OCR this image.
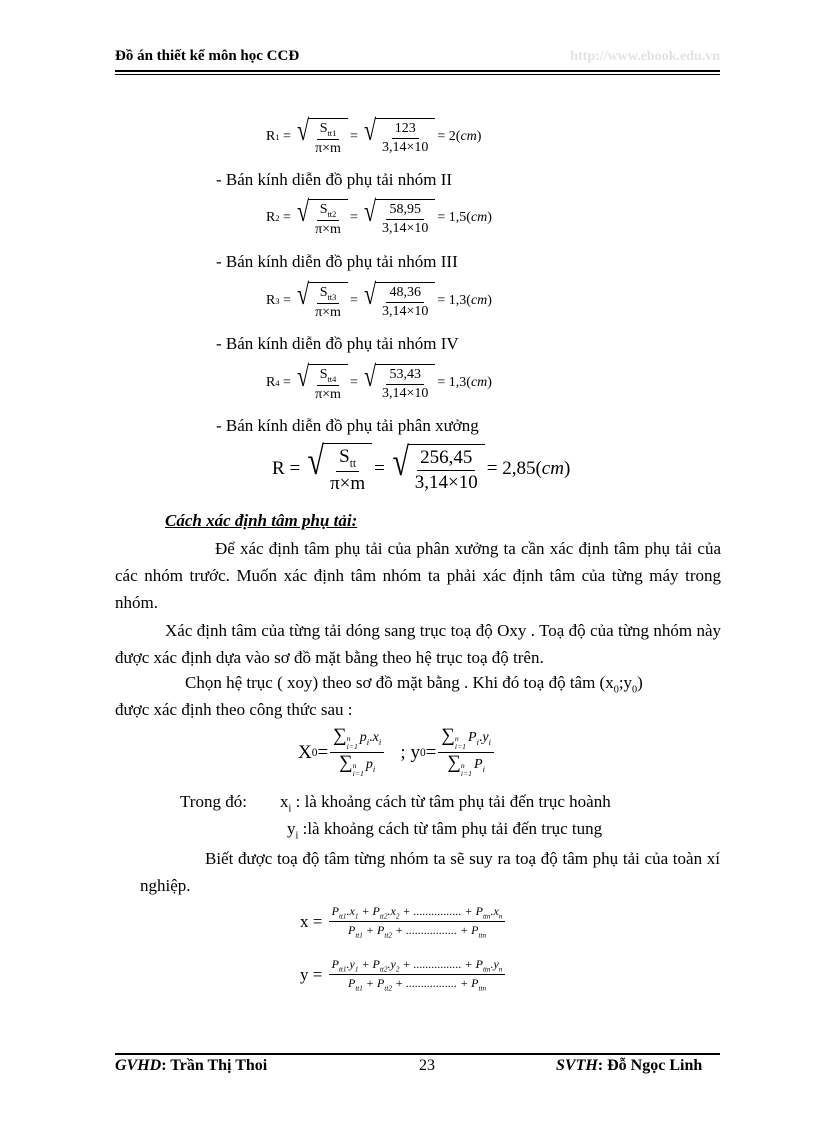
Đồ án thiết kế môn học CCĐ	http://www.ebook.edu.vn
R 1 = √ $\frac{S_{tt1}}{\pi\times m}$ = √ $\frac{123}{3,14\times 10} = 2$( cm )
- Bán kính diễn đồ phụ tải nhóm II
R 2 = √ $\frac{S_{tt2}}{\pi\times m}$ = √ $\frac{58,95}{3,14\times 10} = 1,5$( cm )
- Bán kính diễn đồ phụ tải nhóm III
R 3 = √ $\frac{S_{tt3}}{\pi\times m}$ = √ $\frac{48,36}{3,14\times 10} = 1,3$( cm )
- Bán kính diễn đồ phụ tải nhóm IV
R 4 = √ $\frac{S_{tt4}}{\pi\times m}$ = √ $\frac{53,43}{3,14\times 10} = 1,3$( cm )
- Bán kính diễn đồ phụ tải phân xưởng
R = √ $\frac{S_{tt}}{\pi\times m}$ = √ $\frac{256,45}{3,14\times 10} = 2,85$( cm )
Cách xác định tâm phụ tải:
Để xác định tâm phụ tải của phân xưởng ta cần xác định tâm phụ tải của các nhóm trước. Muốn xác định tâm nhóm ta phải xác định tâm của từng máy trong nhóm.
Xác định tâm của từng tải dóng sang trục toạ độ Oxy . Toạ độ của từng nhóm này được xác định dựa vào sơ đồ mặt bằng theo hệ trục toạ độ trên.
Chọn hệ trục ( xoy) theo sơ đồ mặt bằng . Khi đó toạ độ tâm $(x_0;y_0)$
được xác định theo công thức sau :
X 0 = ∑ n
i=1
$p_i.x_i$
∑ n
i=1
$p_i$
; y 0 = ∑ n
i=1
$P_i.y_i$
∑ n
i=1
$P_i$
Trong đó: $x_i$ : là khoảng cách từ tâm phụ tải đến trục hoành
$y_i$ :là khoảng cách từ tâm phụ tải đến trục tung
Biết được toạ độ tâm từng nhóm ta sẽ suy ra toạ độ tâm phụ tải của toàn xí nghiệp.
x =
$\frac{P_{tt1}.x_1 + P_{tt2}.x_2 + ................ + P_{ttn}.x_n}{P_{tt1} + P_{tt2} + ................. + P_{ttn}}$
y =
$\frac{P_{tt1}.y_1 + P_{tt2}.y_2 + ................ + P_{ttn}.y_n}{P_{tt1} + P_{tt2} + ................. + P_{ttn}}$
GVHD: Trần Thị Thoi	23	SVTH: Đỗ Ngọc Linh
